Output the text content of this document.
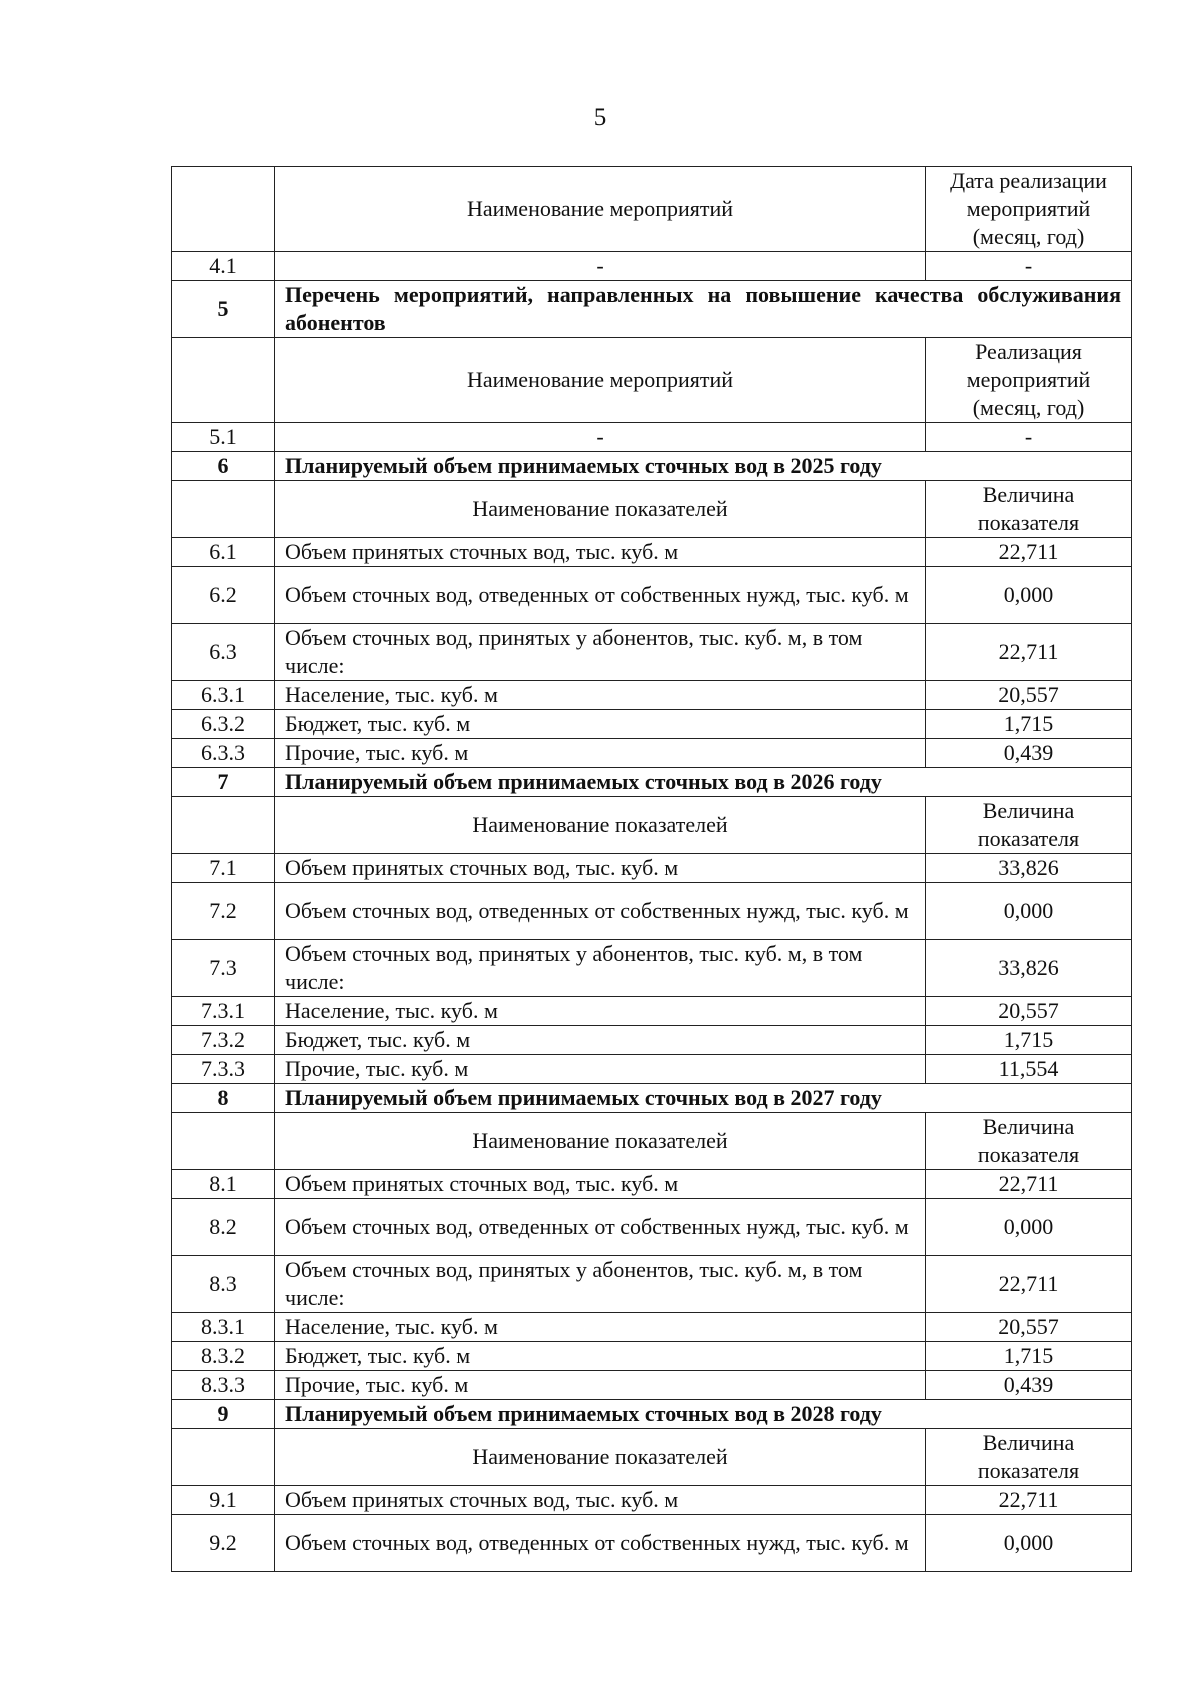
5
	Наименование мероприятий	Дата реализации мероприятий (месяц, год)
4.1	-	-
5	Перечень мероприятий, направленных на повышение качества обслуживания абонентов	
	Наименование мероприятий	Реализация мероприятий (месяц, год)
5.1	-	-
6	Планируемый объем принимаемых сточных вод в 2025 году	
	Наименование показателей	Величина показателя
6.1	Объем принятых сточных вод, тыс. куб. м	22,711
6.2	Объем сточных вод, отведенных от собственных нужд, тыс. куб. м	0,000
6.3	Объем сточных вод, принятых у абонентов, тыс. куб. м, в том числе:	22,711
6.3.1	Население, тыс. куб. м	20,557
6.3.2	Бюджет, тыс. куб. м	1,715
6.3.3	Прочие, тыс. куб. м	0,439
7	Планируемый объем принимаемых сточных вод в 2026 году	
	Наименование показателей	Величина показателя
7.1	Объем принятых сточных вод, тыс. куб. м	33,826
7.2	Объем сточных вод, отведенных от собственных нужд, тыс. куб. м	0,000
7.3	Объем сточных вод, принятых у абонентов, тыс. куб. м, в том числе:	33,826
7.3.1	Население, тыс. куб. м	20,557
7.3.2	Бюджет, тыс. куб. м	1,715
7.3.3	Прочие, тыс. куб. м	11,554
8	Планируемый объем принимаемых сточных вод в 2027 году	
	Наименование показателей	Величина показателя
8.1	Объем принятых сточных вод, тыс. куб. м	22,711
8.2	Объем сточных вод, отведенных от собственных нужд, тыс. куб. м	0,000
8.3	Объем сточных вод, принятых у абонентов, тыс. куб. м, в том числе:	22,711
8.3.1	Население, тыс. куб. м	20,557
8.3.2	Бюджет, тыс. куб. м	1,715
8.3.3	Прочие, тыс. куб. м	0,439
9	Планируемый объем принимаемых сточных вод в 2028 году	
	Наименование показателей	Величина показателя
9.1	Объем принятых сточных вод, тыс. куб. м	22,711
9.2	Объем сточных вод, отведенных от собственных нужд, тыс. куб. м	0,000
